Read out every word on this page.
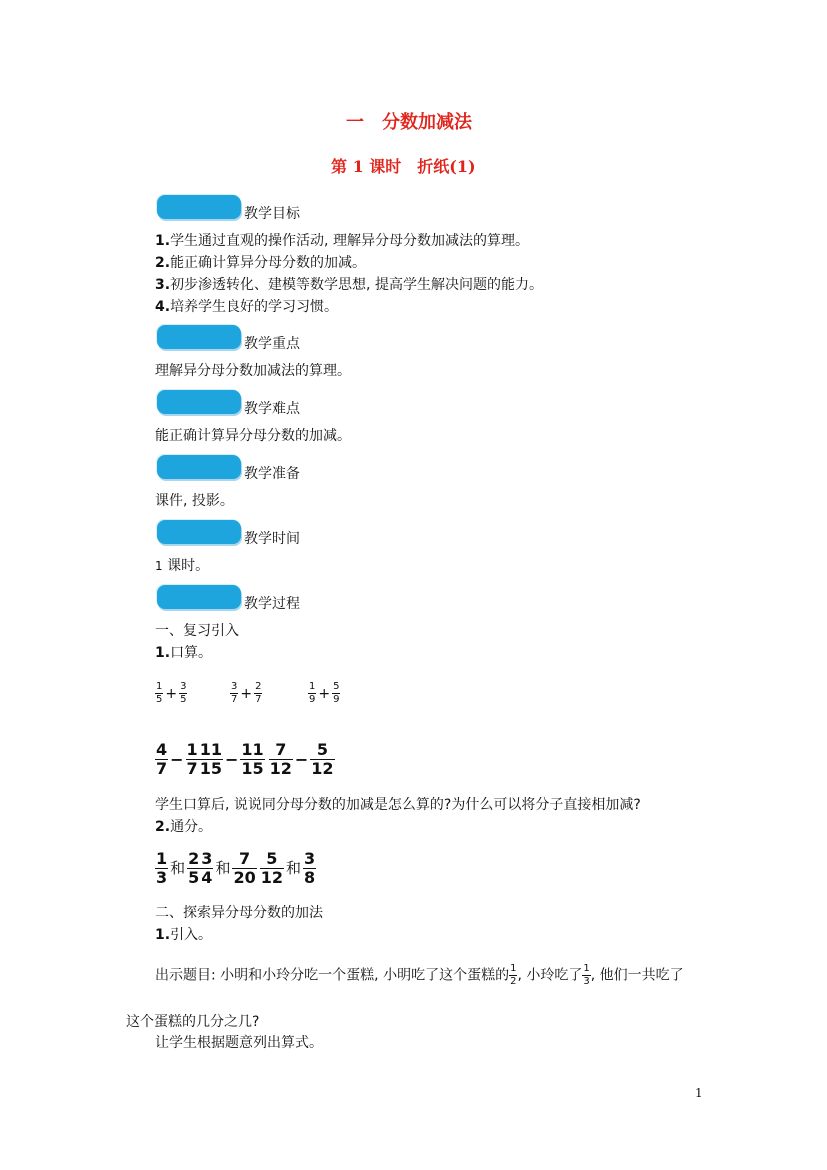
一　分数加减法
第 1 课时　折纸(1)
教学目标
1.学生通过直观的操作活动, 理解异分母分数加减法的算理。
2.能正确计算异分母分数的加减。
3.初步渗透转化、建模等数学思想, 提高学生解决问题的能力。
4.培养学生良好的学习习惯。
教学重点
理解异分母分数加减法的算理。
教学难点
能正确计算异分母分数的加减。
教学准备
课件, 投影。
教学时间
1 课时。
教学过程
一、复习引入
1.口算。
$\frac{1}{5} + \frac{3}{5}$	$\frac{3}{7} + \frac{2}{7}$	$\frac{1}{9} + \frac{5}{9}$
$\frac{4}{7} - \frac{1}{7} \frac{11}{15} - \frac{11}{15} \frac{7}{12} - \frac{5}{12}$
学生口算后, 说说同分母分数的加减是怎么算的?为什么可以将分子直接相加减?
2.通分。
$\frac{1}{3}$ 和 $\frac{2}{5} \frac{3}{4}$ 和 $\frac{7}{20} \frac{5}{12}$ 和 $\frac{3}{8}$
二、探索异分母分数的加法
1.引入。
出示题目: 小明和小玲分吃一个蛋糕, 小明吃了这个蛋糕的 $\frac{1}{2}$ , 小玲吃了 $\frac{1}{3}$ , 他们一共吃了
这个蛋糕的几分之几?
让学生根据题意列出算式。
1
